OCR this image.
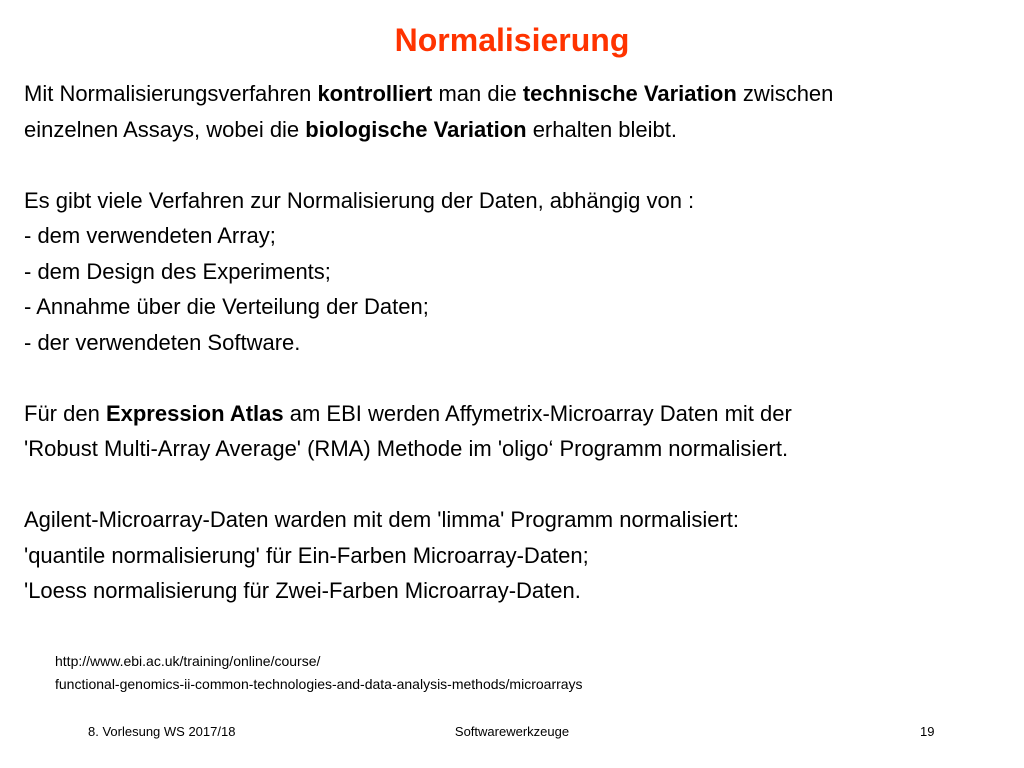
Normalisierung

Mit Normalisierungsverfahren kontrolliert man die technische Variation zwischen

einzelnen Assays, wobei die biologische Variation erhalten bleibt.

Es gibt viele Verfahren zur Normalisierung der Daten, abhängig von :

- dem verwendeten Array;

- dem Design des Experiments;

- Annahme über die Verteilung der Daten;

- der verwendeten Software.

Für den Expression Atlas am EBI werden Affymetrix-Microarray Daten mit der

'Robust Multi-Array Average' (RMA) Methode im 'oligo‘ Programm normalisiert.

Agilent-Microarray-Daten warden mit dem 'limma' Programm normalisiert:

'quantile normalisierung' für Ein-Farben Microarray-Daten;

'Loess normalisierung für Zwei-Farben Microarray-Daten.

http://www.ebi.ac.uk/training/online/course/

functional-genomics-ii-common-technologies-and-data-analysis-methods/microarrays

8. Vorlesung WS 2017/18	Softwarewerkzeuge	19
